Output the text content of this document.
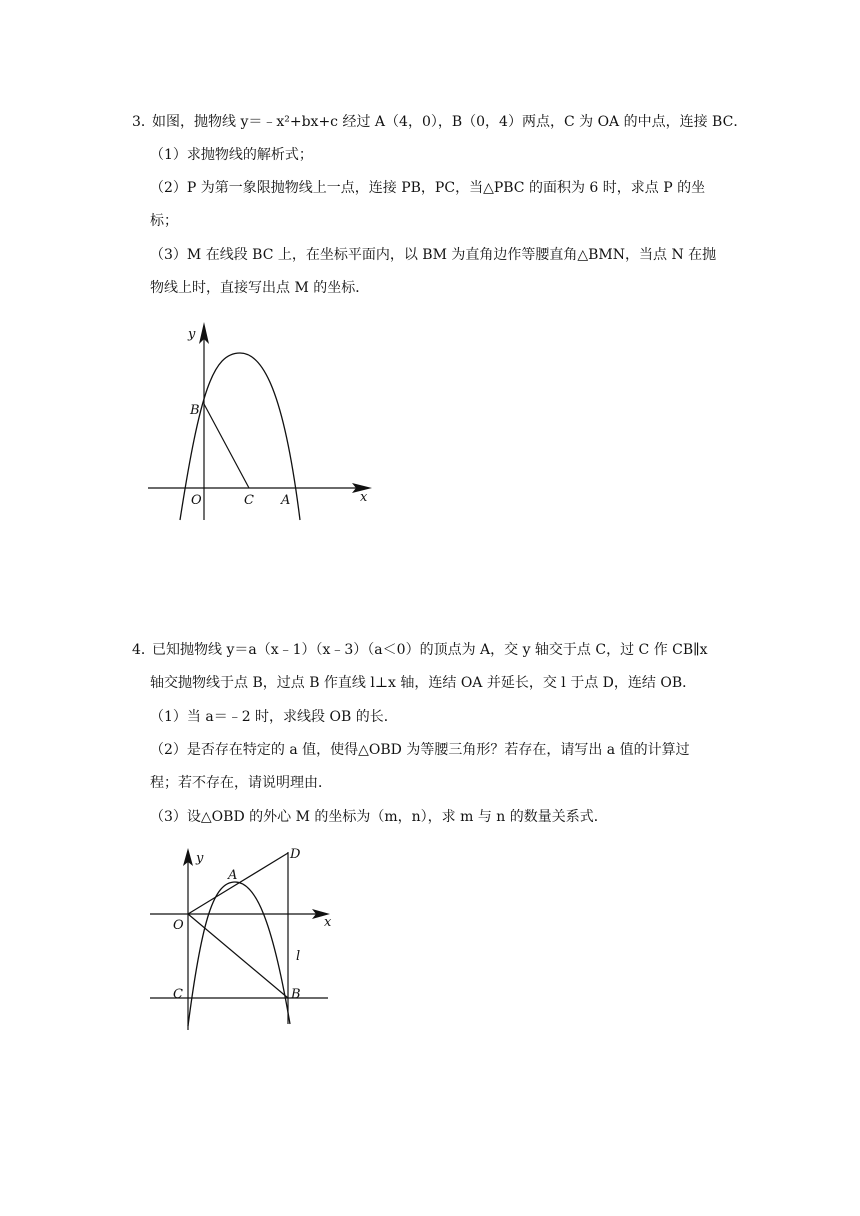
3．
如图，抛物线 y＝﹣x²+bx+c 经过 A（4，0），B（0，4）两点，C 为 OA 的中点，连接 BC．
（1）求抛物线的解析式；
（2）P 为第一象限抛物线上一点，连接 PB，PC，当△PBC 的面积为 6 时，求点 P 的坐
标；
（3）M 在线段 BC 上，在坐标平面内，以 BM 为直角边作等腰直角△BMN，当点 N 在抛
物线上时，直接写出点 M 的坐标．
y
x
B
O	C A
4．
已知抛物线 y＝a（x﹣1）（x﹣3）（a＜0）的顶点为 A，交 y 轴交于点 C，过 C 作 CB∥x
轴交抛物线于点 B，过点 B 作直线 l⊥x 轴，连结 OA 并延长，交 l 于点 D，连结 OB．
（1）当 a＝﹣2 时，求线段 OB 的长．
（2）是否存在特定的 a 值，使得△OBD 为等腰三角形？若存在，请写出 a 值的计算过
程；若不存在，请说明理由．
（3）设△OBD 的外心 M 的坐标为（m，n），求 m 与 n 的数量关系式．
y
x
D
A
O
l
C	B
